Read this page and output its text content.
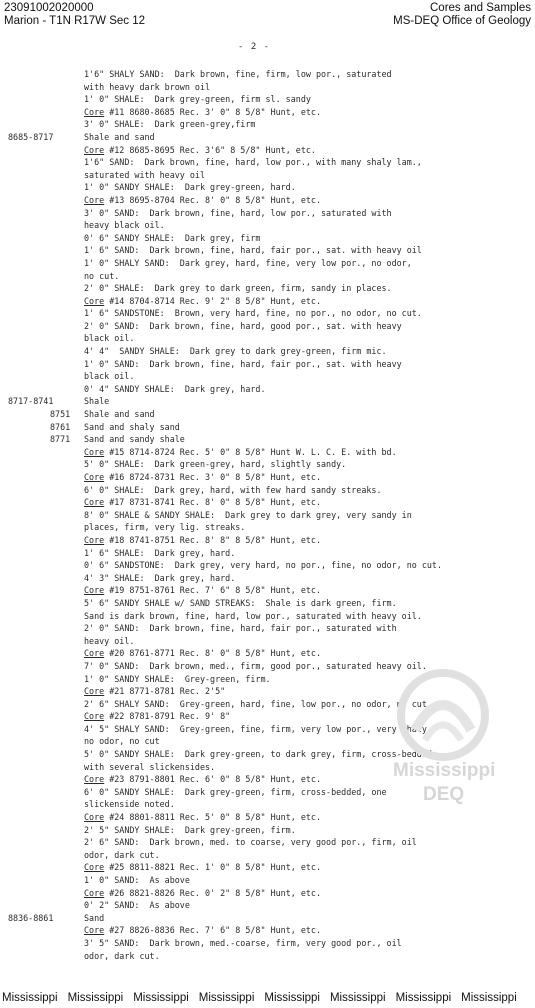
23091002020000
Marion - T1N R17W Sec 12
Cores and Samples
MS-DEQ Office of Geology
- 2 -
1'6" SHALY SAND:  Dark brown, fine, firm, low por., saturated
with heavy dark brown oil
1' 0" SHALE:  Dark grey-green, firm sl. sandy
Core #11 8680-8685 Rec. 3' 0" 8 5/8" Hunt, etc.
3' 0" SHALE:  Dark green-grey,firm
8685-8717	Shale and sand
Core #12 8685-8695 Rec. 3'6" 8 5/8" Hunt, etc.
1'6" SAND:  Dark brown, fine, hard, low por., with many shaly lam.,
saturated with heavy oil
1' 0" SANDY SHALE:  Dark grey-green, hard.
Core #13 8695-8704 Rec. 8' 0" 8 5/8" Hunt, etc.
3' 0" SAND:  Dark brown, fine, hard, low por., saturated with
heavy black oil.
0' 6" SANDY SHALE:  Dark grey, firm
1' 6" SAND:  Dark brown, fine, hard, fair por., sat. with heavy oil
1' 0" SHALY SAND:  Dark grey, hard, fine, very low por., no odor,
no cut.
2' 0" SHALE:  Dark grey to dark green, firm, sandy in places.
Core #14 8704-8714 Rec. 9' 2" 8 5/8" Hunt, etc.
1' 6" SANDSTONE:  Brown, very hard, fine, no por., no odor, no cut.
2' 0" SAND:  Dark brown, fine, hard, good por., sat. with heavy
black oil.
4' 4"  SANDY SHALE:  Dark grey to dark grey-green, firm mic.
1' 0" SAND:  Dark brown, fine, hard, fair por., sat. with heavy
black oil.
0' 4" SANDY SHALE:  Dark grey, hard.
8717-8741	Shale
8751	Shale and sand
8761	Sand and shaly sand
8771	Sand and sandy shale
Core #15 8714-8724 Rec. 5' 0" 8 5/8" Hunt W. L. C. E. with bd.
5' 0" SHALE:  Dark green-grey, hard, slightly sandy.
Core #16 8724-8731 Rec. 3' 0" 8 5/8" Hunt, etc.
6' 0" SHALE:  Dark grey, hard, with few hard sandy streaks.
Core #17 8731-8741 Rec. 8' 0" 8 5/8" Hunt, etc.
8' 0" SHALE & SANDY SHALE:  Dark grey to dark grey, very sandy in
places, firm, very lig. streaks.
Core #18 8741-8751 Rec. 8' 8" 8 5/8" Hunt, etc.
1' 6" SHALE:  Dark grey, hard.
0' 6" SANDSTONE:  Dark grey, very hard, no por., fine, no odor, no cut.
4' 3" SHALE:  Dark grey, hard.
Core #19 8751-8761 Rec. 7' 6" 8 5/8" Hunt, etc.
5' 6" SANDY SHALE w/ SAND STREAKS:  Shale is dark green, firm.
Sand is dark brown, fine, hard, low por., saturated with heavy oil.
2' 0" SAND:  Dark brown, fine, hard, fair por., saturated with
heavy oil.
Core #20 8761-8771 Rec. 8' 0" 8 5/8" Hunt, etc.
7' 0" SAND:  Dark brown, med., firm, good por., saturated heavy oil.
1' 0" SANDY SHALE:  Grey-green, firm.
Core #21 8771-8781 Rec. 2'5"
2' 6" SHALY SAND:  Grey-green, hard, fine, low por., no odor, no cut.
Core #22 8781-8791 Rec. 9' 8"
4' 5" SHALY SAND:  Grey-green, fine, firm, very low por., very shaly,
no odor, no cut
5' 0" SANDY SHALE:  Dark grey-green, to dark grey, firm, cross-bedded,
with several slickensides.
Core #23 8791-8801 Rec. 6' 0" 8 5/8" Hunt, etc.
6' 0" SANDY SHALE:  Dark grey-green, firm, cross-bedded, one
slickenside noted.
Core #24 8801-8811 Rec. 5' 0" 8 5/8" Hunt, etc.
2' 5" SANDY SHALE:  Dark grey-green, firm.
2' 6" SAND:  Dark brown, med. to coarse, very good por., firm, oil
odor, dark cut.
Core #25 8811-8821 Rec. 1' 0" 8 5/8" Hunt, etc.
1' 0" SAND:  As above
Core #26 8821-8826 Rec. 0' 2" 8 5/8" Hunt, etc.
0' 2" SAND:  As above
8836-8861	Sand
Core #27 8826-8836 Rec. 7' 6" 8 5/8" Hunt, etc.
3' 5" SAND:  Dark brown, med.-coarse, firm, very good por., oil
odor, dark cut.
Mississippi
DEQ
Mississippi Mississippi Mississippi Mississippi Mississippi Mississippi Mississippi Mississippi
